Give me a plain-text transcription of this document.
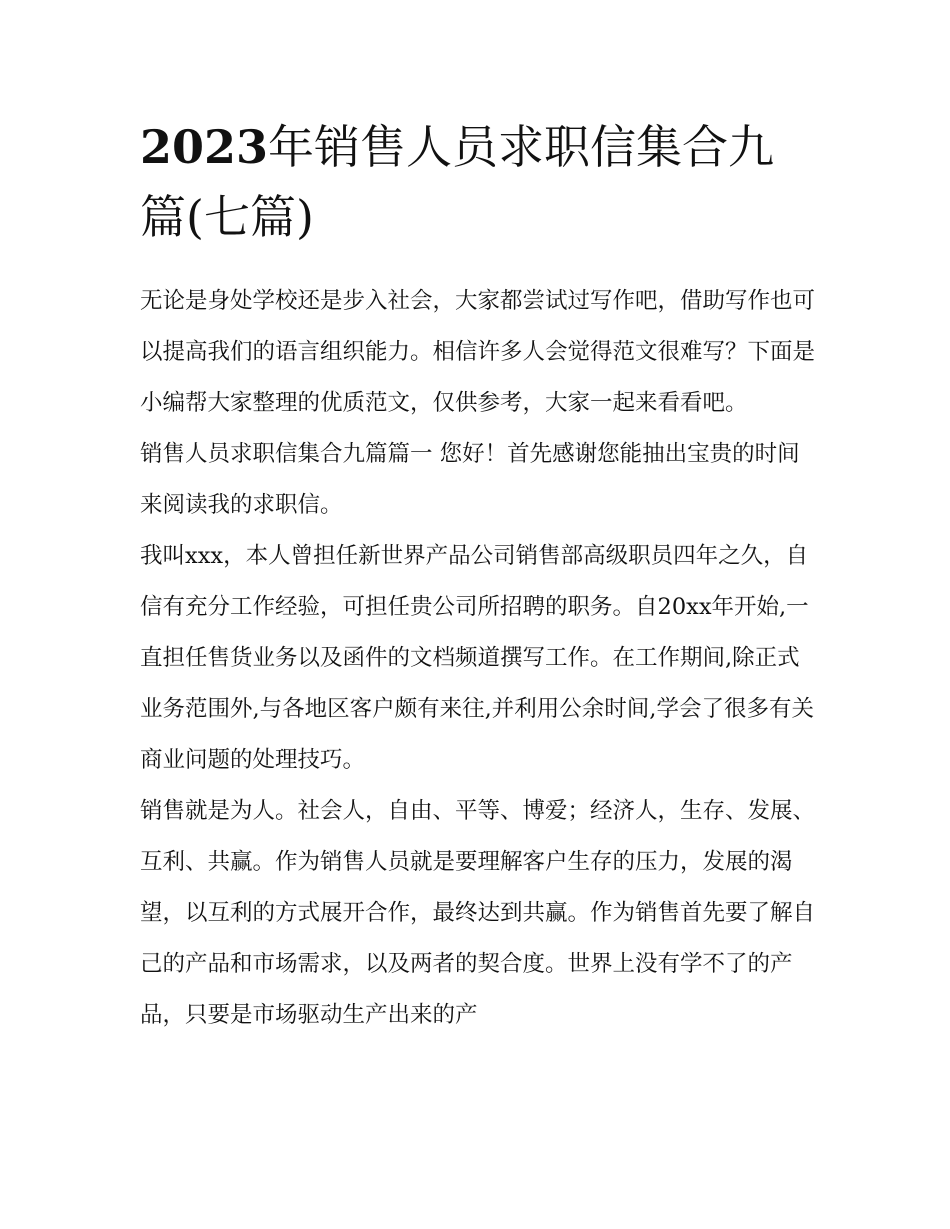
2023年销售人员求职信集合九篇(七篇)

无论是身处学校还是步入社会，大家都尝试过写作吧，借助写作也可以提高我们的语言组织能力。相信许多人会觉得范文很难写？下面是小编帮大家整理的优质范文，仅供参考，大家一起来看看吧。

销售人员求职信集合九篇篇一 您好！首先感谢您能抽出宝贵的时间来阅读我的求职信。

我叫xxx，本人曾担任新世界产品公司销售部高级职员四年之久，自信有充分工作经验，可担任贵公司所招聘的职务。自20xx年开始,一直担任售货业务以及函件的文档频道撰写工作。在工作期间,除正式业务范围外,与各地区客户颇有来往,并利用公余时间,学会了很多有关商业问题的处理技巧。

销售就是为人。社会人，自由、平等、博爱；经济人，生存、发展、互利、共赢。作为销售人员就是要理解客户生存的压力，发展的渴望，以互利的方式展开合作，最终达到共赢。作为销售首先要了解自己的产品和市场需求，以及两者的契合度。世界上没有学不了的产品，只要是市场驱动生产出来的产
